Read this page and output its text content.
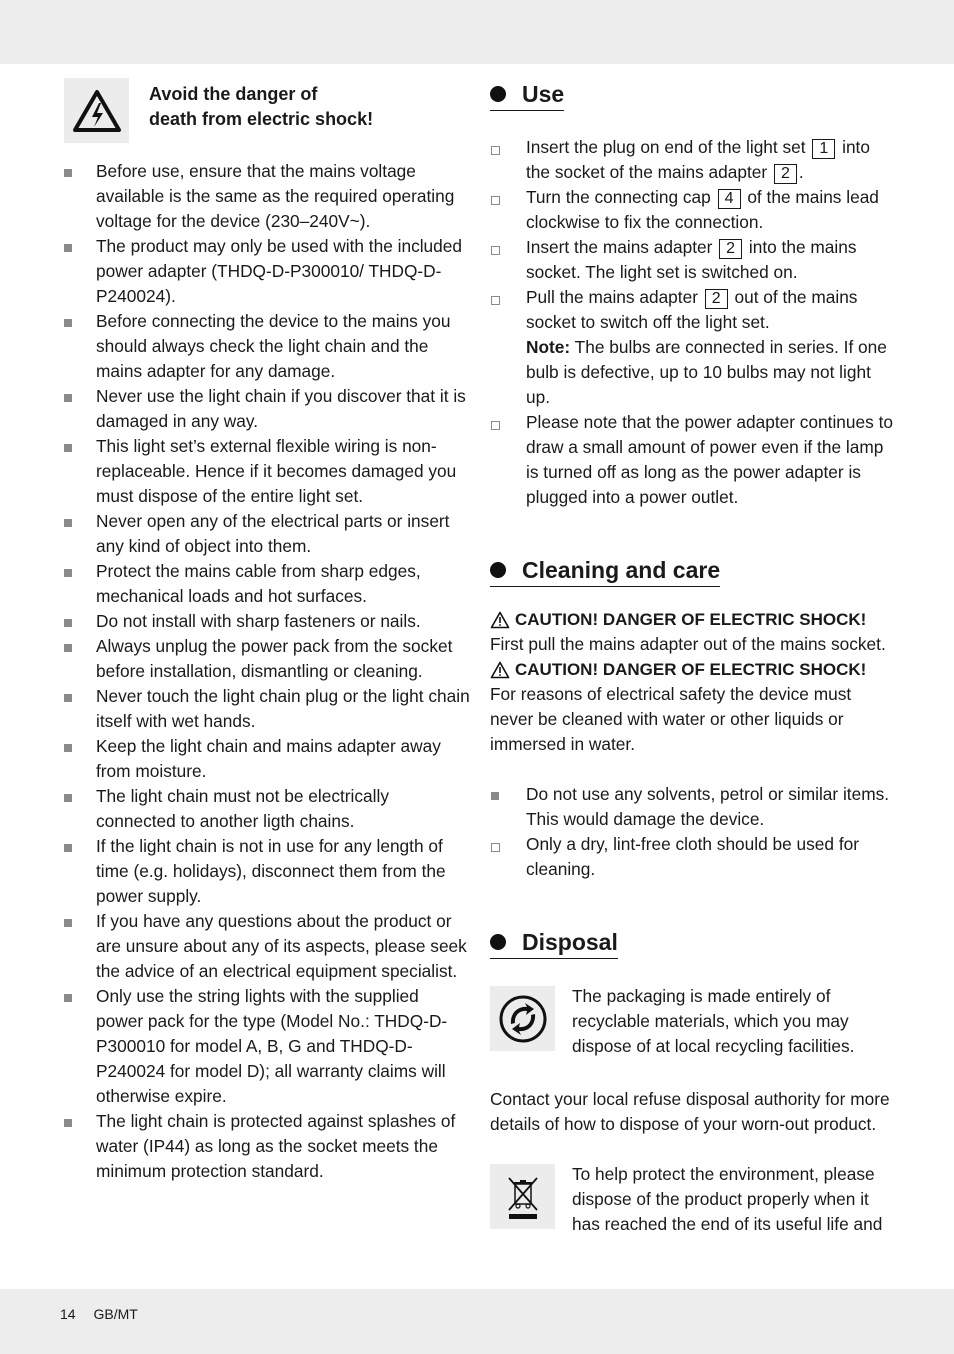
Avoid the danger of
death from electric shock!
Before use, ensure that the mains voltage available is the same as the required operating voltage for the device (230–240V~).
The product may only be used with the included power adapter (THDQ-D-P300010/ THDQ-D-P240024).
Before connecting the device to the mains you should always check the light chain and the mains adapter for any damage.
Never use the light chain if you discover that it is damaged in any way.
This light set’s external flexible wiring is non-replaceable. Hence if it becomes damaged you must dispose of the entire light set.
Never open any of the electrical parts or insert any kind of object into them.
Protect the mains cable from sharp edges, mechanical loads and hot surfaces.
Do not install with sharp fasteners or nails.
Always unplug the power pack from the socket before installation, dismantling or cleaning.
Never touch the light chain plug or the light chain itself with wet hands.
Keep the light chain and mains adapter away from moisture.
The light chain must not be electrically connected to another ligth chains.
If the light chain is not in use for any length of time (e.g. holidays), disconnect them from the power supply.
If you have any questions about the product or are unsure about any of its aspects, please seek the advice of an electrical equipment specialist.
Only use the string lights with the supplied power pack for the type (Model No.: THDQ-D-P300010 for model A, B, G and THDQ-D-P240024 for model D); all warranty claims will otherwise expire.
The light chain is protected against splashes of water (IP44) as long as the socket meets the minimum protection standard.
Use
Insert the plug on end of the light set 1 into the socket of the mains adapter 2 .
Turn the connecting cap 4 of the mains lead clockwise to fix the connection.
Insert the mains adapter 2 into the mains socket. The light set is switched on.
Pull the mains adapter 2 out of the mains socket to switch off the light set.
Note: The bulbs are connected in series. If one bulb is defective, up to 10 bulbs may not light up.
Please note that the power adapter continues to draw a small amount of power even if the lamp is turned off as long as the power adapter is plugged into a power outlet.
Cleaning and care
CAUTION! DANGER OF ELECTRIC SHOCK!
First pull the mains adapter out of the mains socket.
CAUTION! DANGER OF ELECTRIC SHOCK!
For reasons of electrical safety the device must never be cleaned with water or other liquids or immersed in water.
Do not use any solvents, petrol or similar items. This would damage the device.
Only a dry, lint-free cloth should be used for cleaning.
Disposal
The packaging is made entirely of recyclable materials, which you may dispose of at local recycling facilities.
Contact your local refuse disposal authority for more details of how to dispose of your worn-out product.
To help protect the environment, please dispose of the product properly when it has reached the end of its useful life and
14 GB/MT
